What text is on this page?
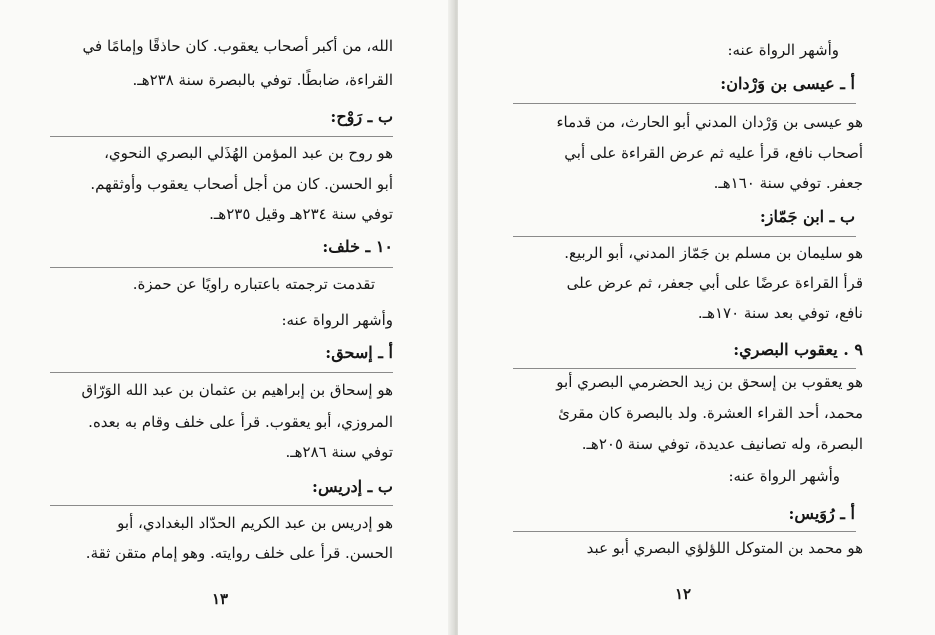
الله، من أكبر أصحاب يعقوب. كان حاذقًا وإمامًا في
القراءة، ضابطًا. توفي بالبصرة سنة ٢٣٨هـ.
ب ـ رَوْح:
هو روح بن عبد المؤمن الهُذَلي البصري النحوي،
أبو الحسن. كان من أجل أصحاب يعقوب وأوثقهم.
توفي سنة ٢٣٤هـ وقيل ٢٣٥هـ.
١٠ ـ خلف:
تقدمت ترجمته باعتباره راويًا عن حمزة.
وأشهر الرواة عنه:
أ ـ إسحق:
هو إسحاق بن إبراهيم بن عثمان بن عبد الله الوَرّاق
المروزي، أبو يعقوب. قرأ على خلف وقام به بعده.
توفي سنة ٢٨٦هـ.
ب ـ إدريس:
هو إدريس بن عبد الكريم الحدّاد البغدادي، أبو
الحسن. قرأ على خلف روايته. وهو إمام متقن ثقة.
١٣
وأشهر الرواة عنه:
أ ـ عيسى بن وَرْدان:
هو عيسى بن وَرْدان المدني أبو الحارث، من قدماء
أصحاب نافع، قرأ عليه ثم عرض القراءة على أبي
جعفر. توفي سنة ١٦٠هـ.
ب ـ ابن جَمّاز:
هو سليمان بن مسلم بن جَمّاز المدني، أبو الربيع.
قرأ القراءة عرضًا على أبي جعفر، ثم عرض على
نافع، توفي بعد سنة ١٧٠هـ.
٩ . يعقوب البصري:
هو يعقوب بن إسحق بن زيد الحضرمي البصري أبو
محمد، أحد القراء العشرة. ولد بالبصرة كان مقرئ
البصرة، وله تصانيف عديدة، توفي سنة ٢٠٥هـ.
وأشهر الرواة عنه:
أ ـ رُوَيس:
هو محمد بن المتوكل اللؤلؤي البصري أبو عبد
١٢
